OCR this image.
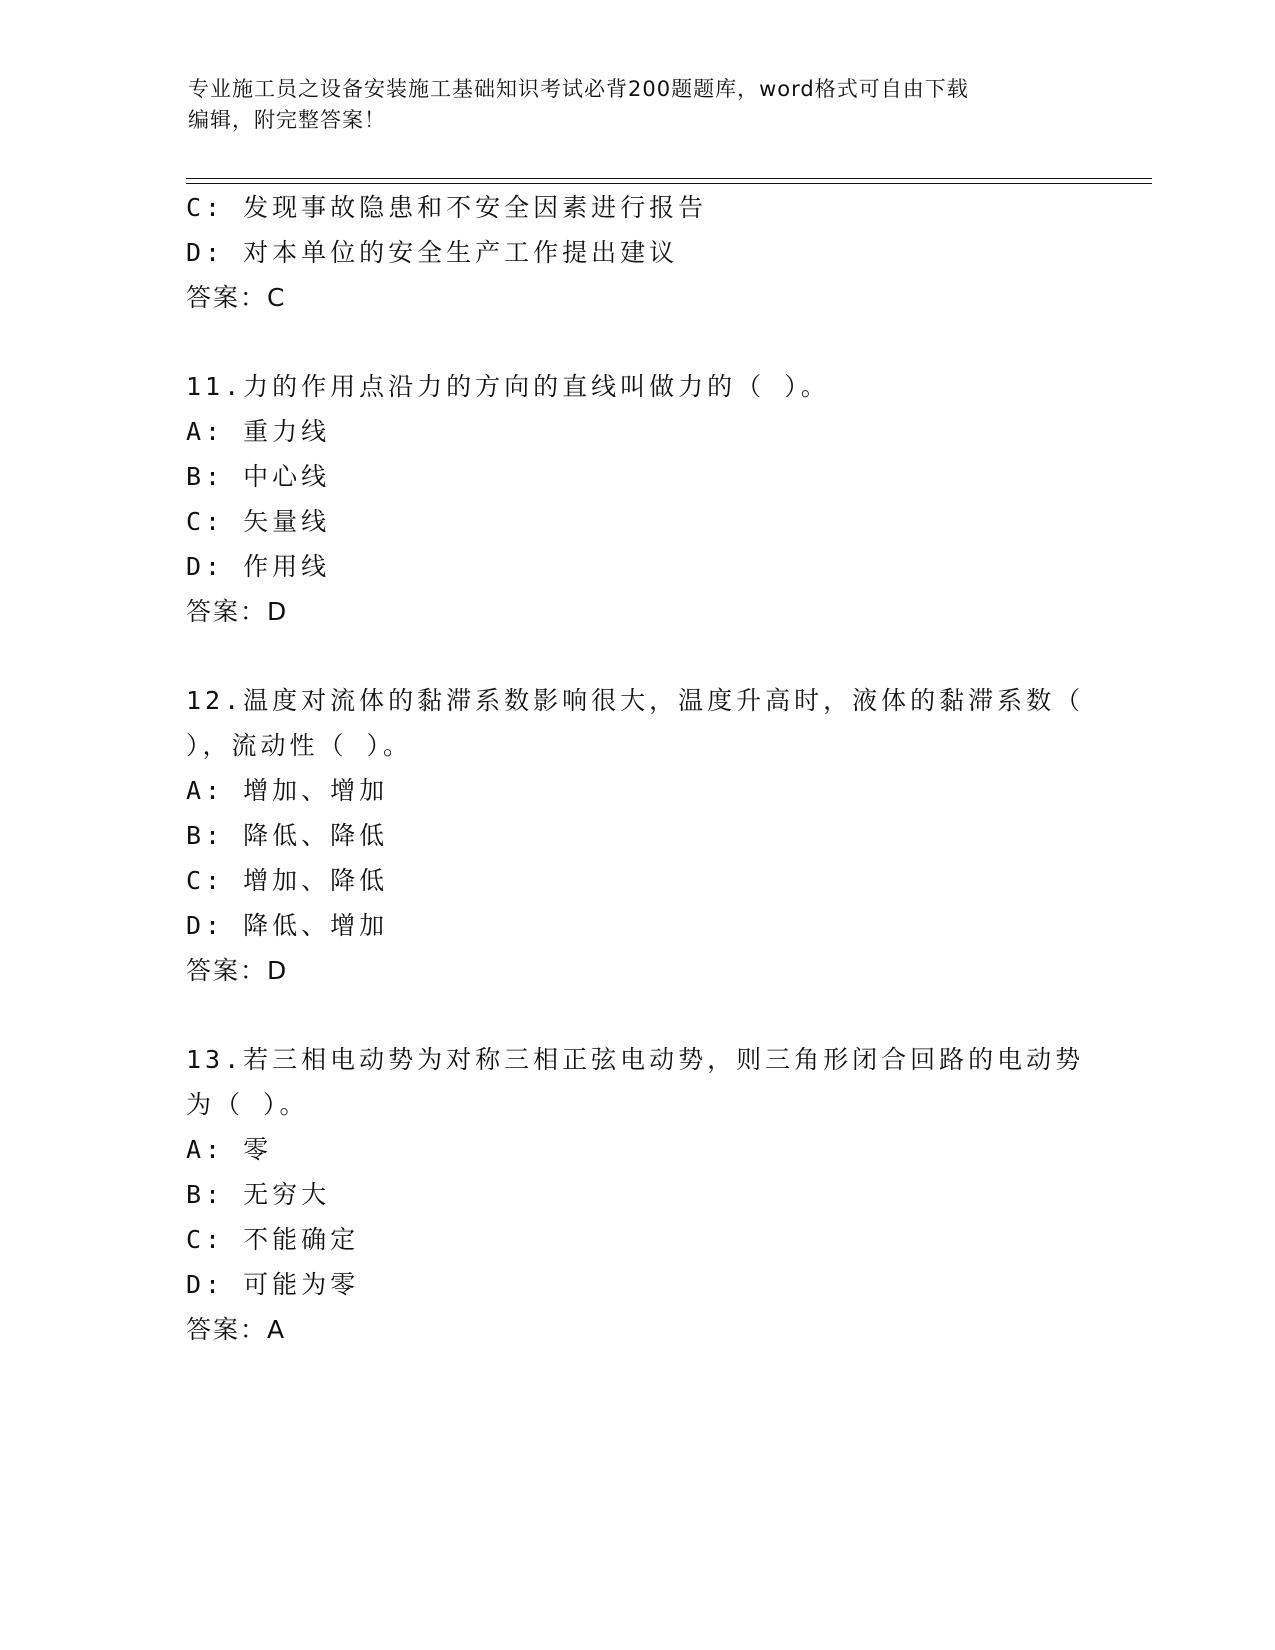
专业施工员之设备安装施工基础知识考试必背200题题库，word格式可自由下载
编辑，附完整答案！
C: 发现事故隐患和不安全因素进行报告
D: 对本单位的安全生产工作提出建议
答案：C
11.力的作用点沿力的方向的直线叫做力的（ ）。
A: 重力线
B: 中心线
C: 矢量线
D: 作用线
答案：D
12.温度对流体的黏滞系数影响很大，温度升高时，液体的黏滞系数（
），流动性（ ）。
A: 增加、增加
B: 降低、降低
C: 增加、降低
D: 降低、增加
答案：D
13.若三相电动势为对称三相正弦电动势，则三角形闭合回路的电动势
为（ ）。
A: 零
B: 无穷大
C: 不能确定
D: 可能为零
答案：A
